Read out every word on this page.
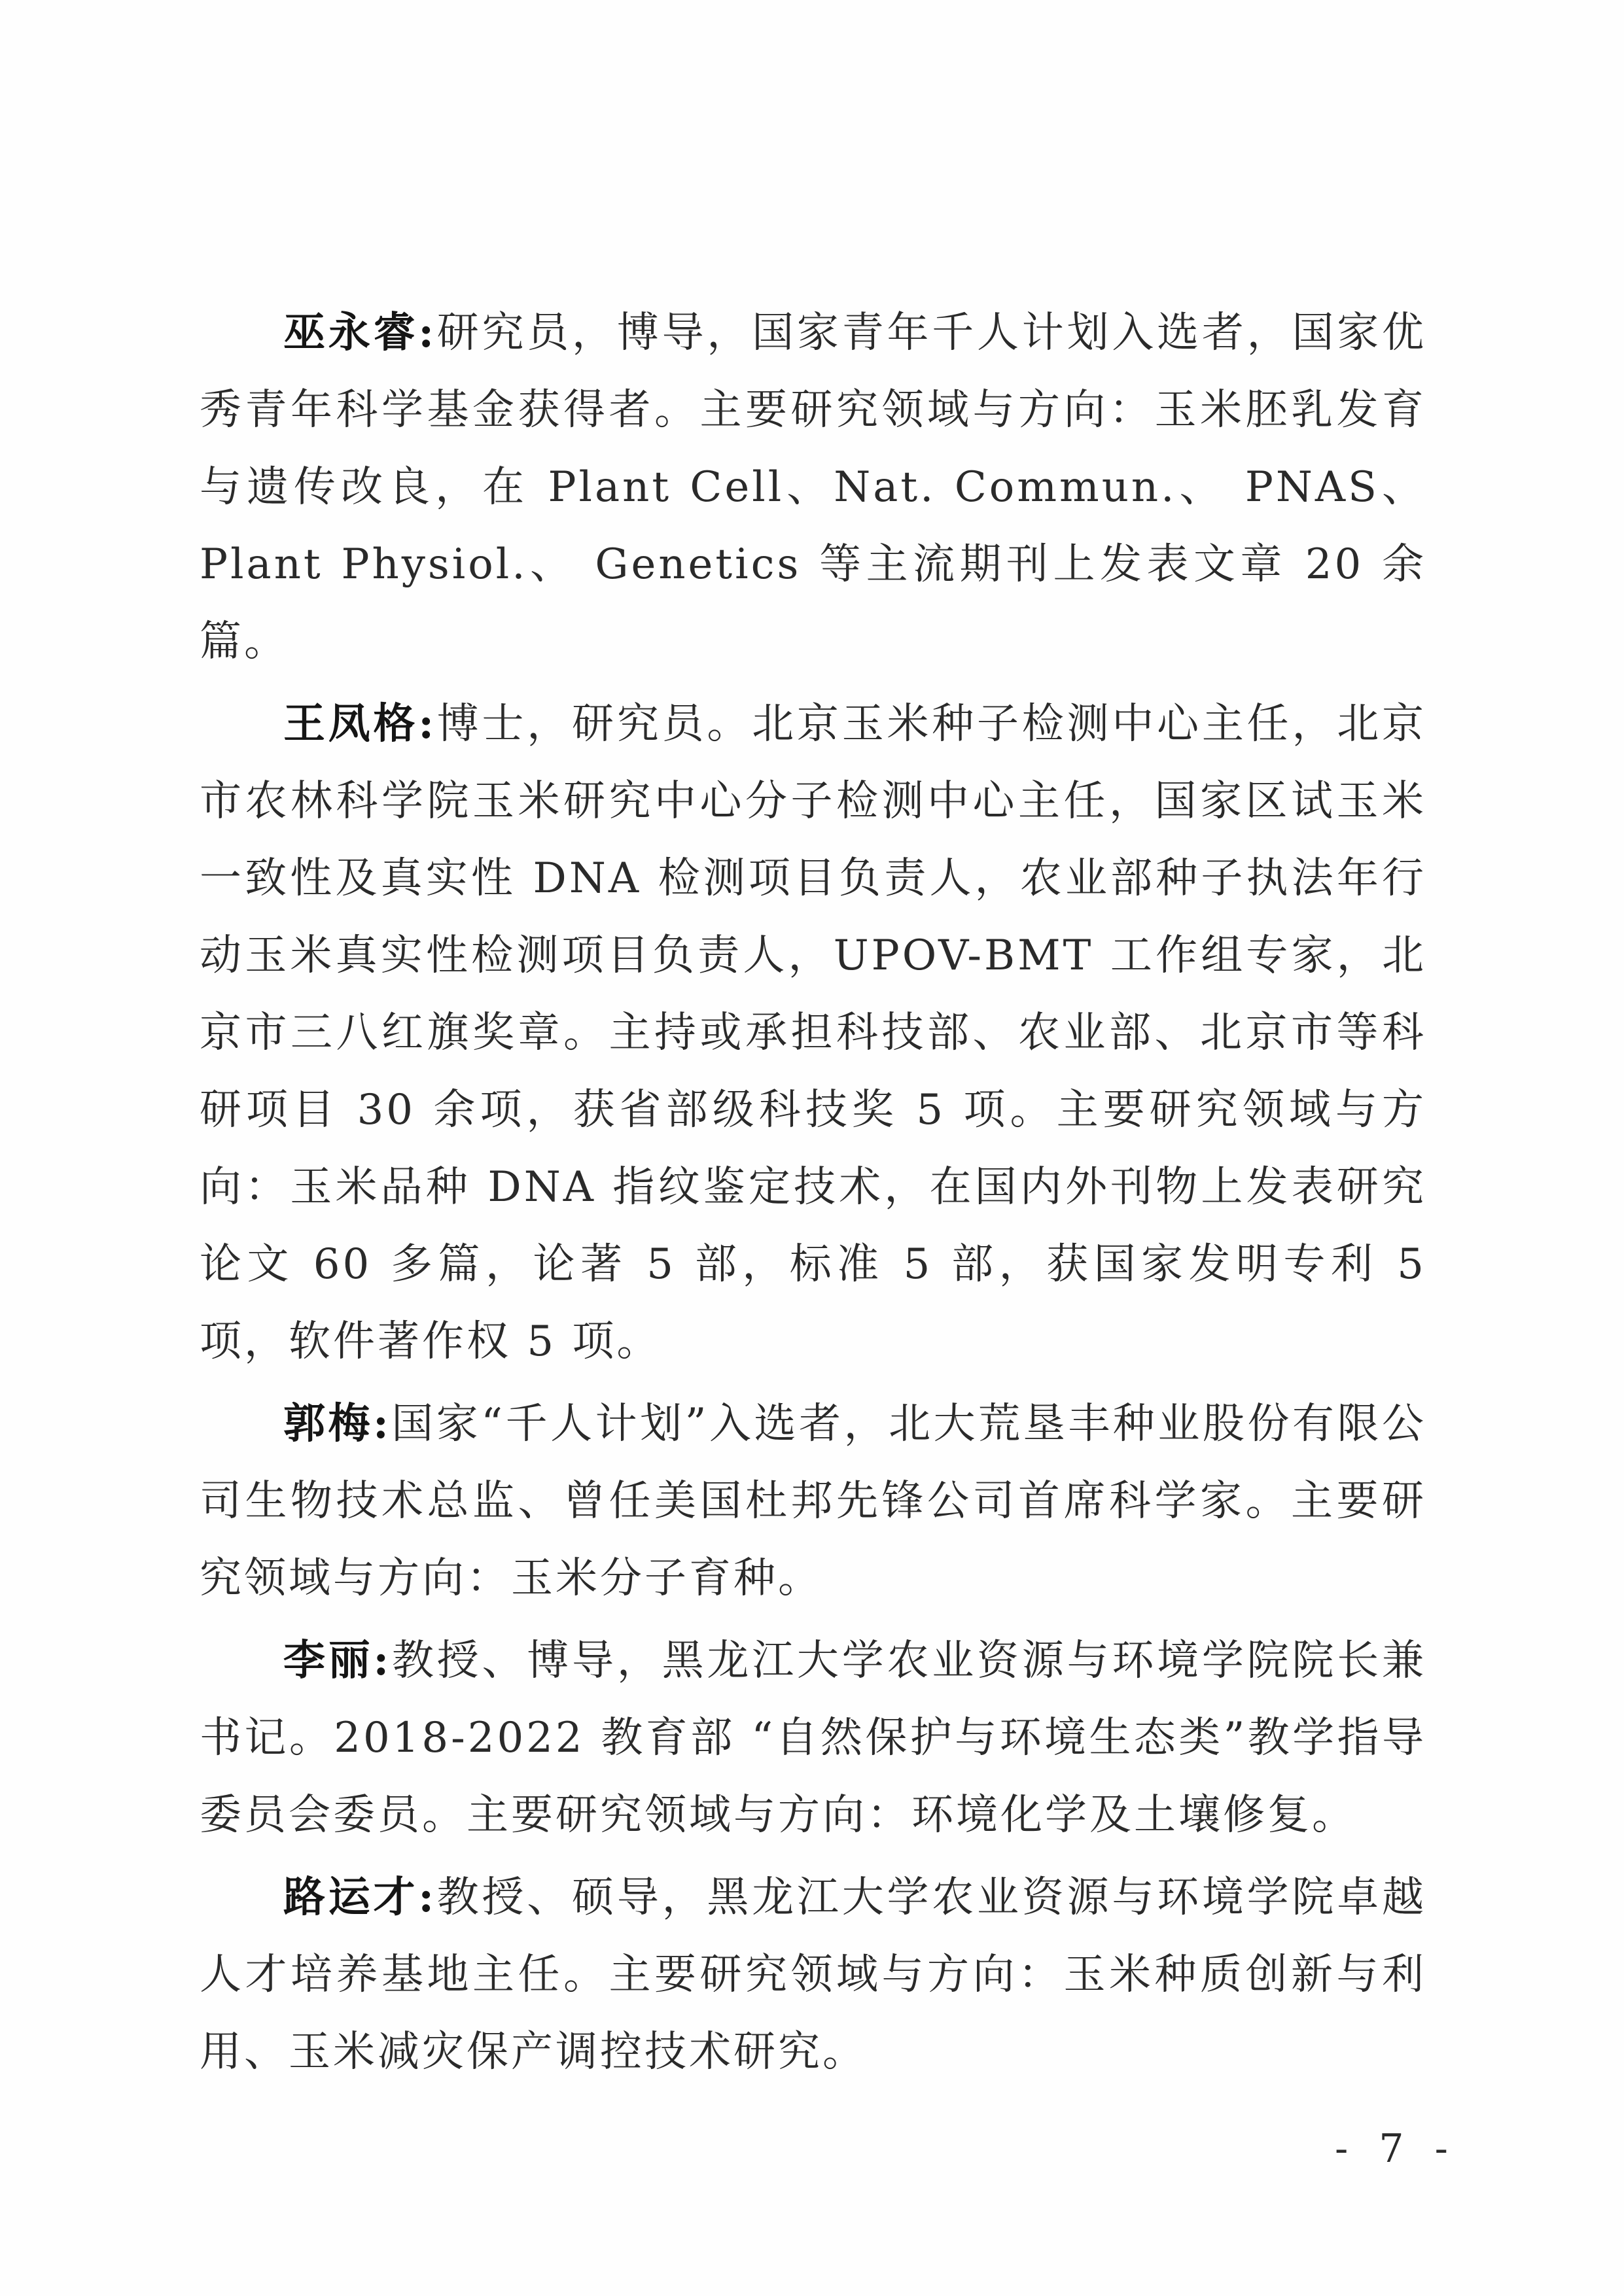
巫永睿:研究员，博导，国家青年千人计划入选者，国家优秀青年科学基金获得者。主要研究领域与方向：玉米胚乳发育与遗传改良，在 Plant Cell、Nat. Commun.、 PNAS、 Plant Physiol.、 Genetics 等主流期刊上发表文章 20 余篇。

王凤格:博士，研究员。北京玉米种子检测中心主任，北京市农林科学院玉米研究中心分子检测中心主任，国家区试玉米一致性及真实性 DNA 检测项目负责人，农业部种子执法年行动玉米真实性检测项目负责人，UPOV-BMT 工作组专家，北京市三八红旗奖章。主持或承担科技部、农业部、北京市等科研项目 30 余项，获省部级科技奖 5 项。主要研究领域与方向：玉米品种 DNA 指纹鉴定技术，在国内外刊物上发表研究论文 60 多篇，论著 5 部，标准 5 部，获国家发明专利 5 项，软件著作权 5 项。

郭梅:国家“千人计划”入选者，北大荒垦丰种业股份有限公司生物技术总监、曾任美国杜邦先锋公司首席科学家。主要研究领域与方向：玉米分子育种。

李丽:教授、博导，黑龙江大学农业资源与环境学院院长兼书记。2018-2022 教育部 “自然保护与环境生态类”教学指导委员会委员。主要研究领域与方向：环境化学及土壤修复。

路运才:教授、硕导，黑龙江大学农业资源与环境学院卓越人才培养基地主任。主要研究领域与方向：玉米种质创新与利用、玉米减灾保产调控技术研究。

- 7 -
